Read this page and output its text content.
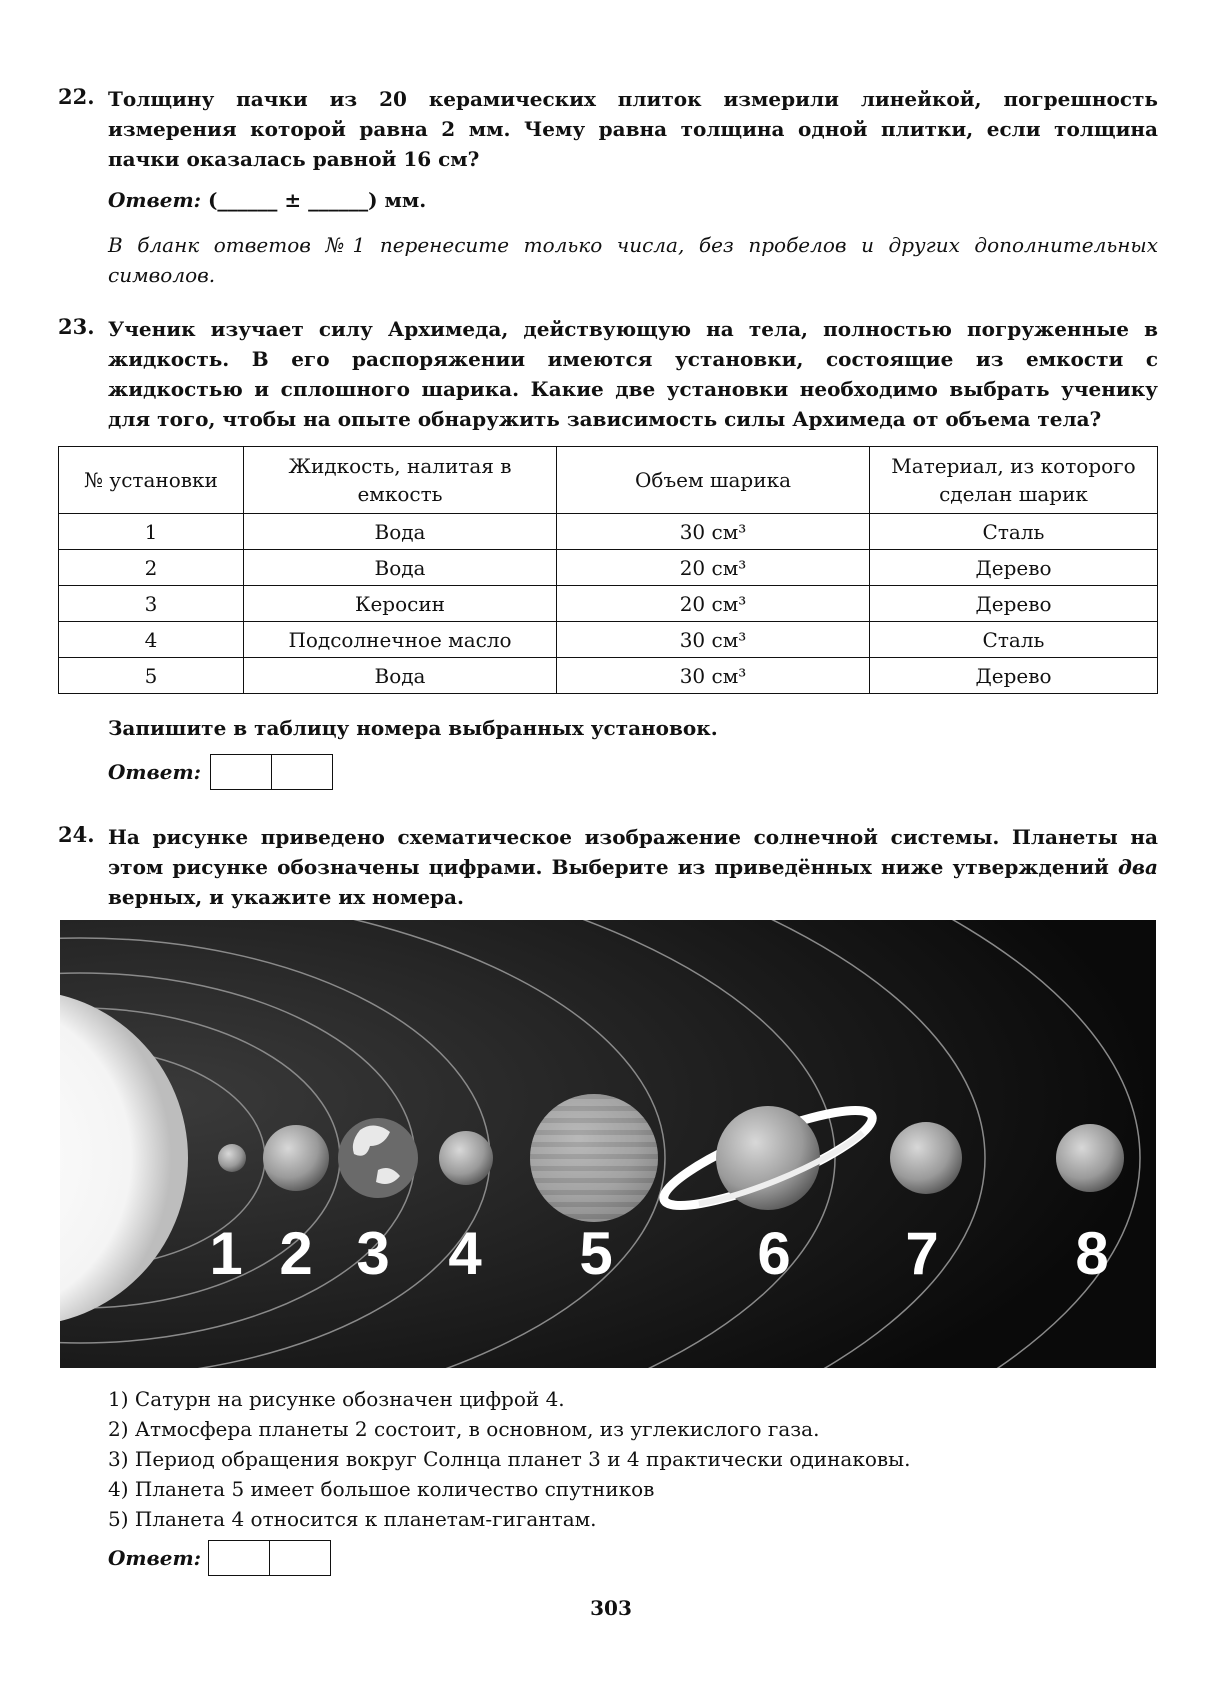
22. Толщину пачки из 20 керамических плиток измерили линейкой, погрешность измерения которой равна 2 мм. Чему равна толщина одной плитки, если толщина пачки оказалась равной 16 см?
Ответ: (______ ± ______) мм.
В бланк ответов №1 перенесите только числа, без пробелов и других дополнительных символов.
23. Ученик изучает силу Архимеда, действующую на тела, полностью погруженные в жидкость. В его распоряжении имеются установки, состоящие из емкости с жидкостью и сплошного шарика. Какие две установки необходимо выбрать ученику для того, чтобы на опыте обнаружить зависимость силы Архимеда от объема тела?
№ установки	Жидкость, налитая в емкость	Объем шарика	Материал, из которого сделан шарик
1	Вода	30 см³	Сталь
2	Вода	20 см³	Дерево
3	Керосин	20 см³	Дерево
4	Подсолнечное масло	30 см³	Сталь
5	Вода	30 см³	Дерево
Запишите в таблицу номера выбранных установок.
Ответ:
24. На рисунке приведено схематическое изображение солнечной системы. Планеты на этом рисунке обозначены цифрами. Выберите из приведённых ниже утверждений два верных, и укажите их номера.
1 2 3 4 5 6 7 8
1) Сатурн на рисунке обозначен цифрой 4.
2) Атмосфера планеты 2 состоит, в основном, из углекислого газа.
3) Период обращения вокруг Солнца планет 3 и 4 практически одинаковы.
4) Планета 5 имеет большое количество спутников
5) Планета 4 относится к планетам-гигантам.
Ответ:
303
